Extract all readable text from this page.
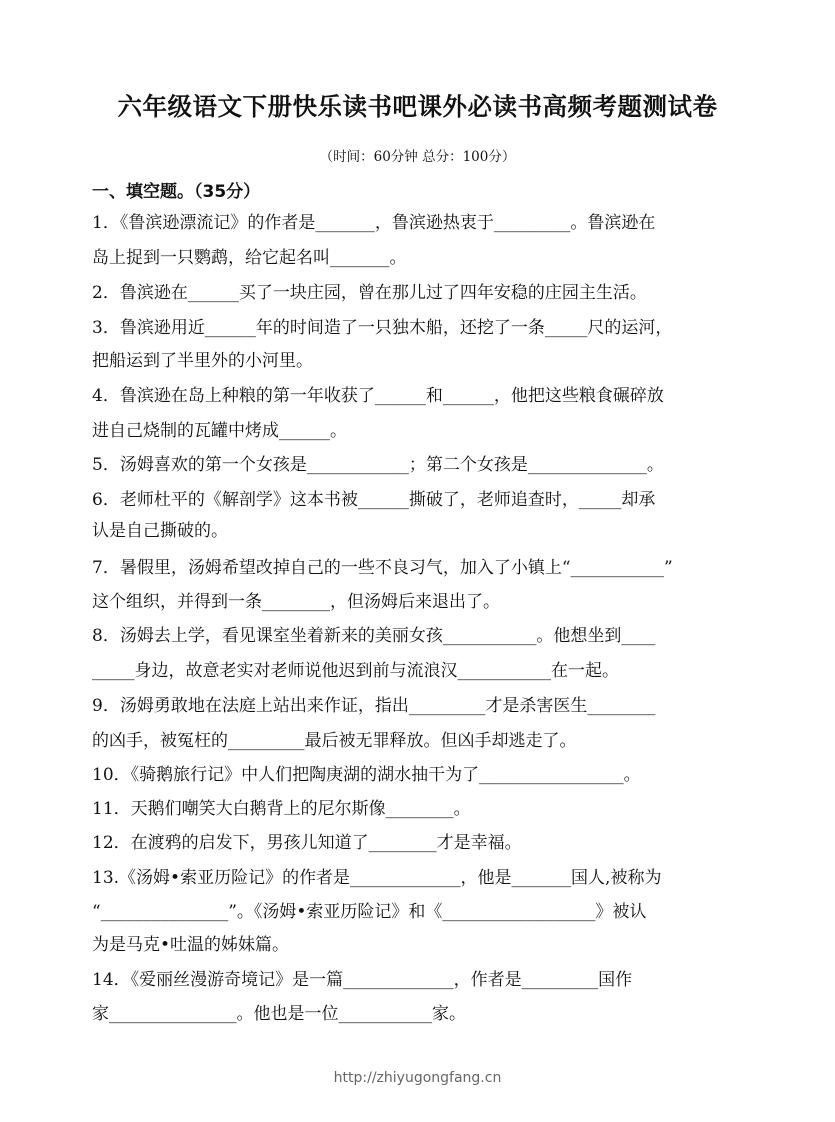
六年级语文下册快乐读书吧课外必读书高频考题测试卷
（时间：60分钟 总分：100分）
一、填空题。（35分）
1．《鲁滨逊漂流记》的作者是_______，鲁滨逊热衷于_________。鲁滨逊在
岛上捉到一只鹦鹉，给它起名叫_______。
2．鲁滨逊在______买了一块庄园，曾在那儿过了四年安稳的庄园主生活。
3．鲁滨逊用近______年的时间造了一只独木船，还挖了一条_____尺的运河，
把船运到了半里外的小河里。
4．鲁滨逊在岛上种粮的第一年收获了______和______，他把这些粮食碾碎放
进自己烧制的瓦罐中烤成______。
5．汤姆喜欢的第一个女孩是____________；第二个女孩是______________。
6．老师杜平的《解剖学》这本书被______撕破了，老师追查时，_____却承
认是自己撕破的。
7．暑假里，汤姆希望改掉自己的一些不良习气，加入了小镇上“___________”
这个组织，并得到一条________，但汤姆后来退出了。
8．汤姆去上学，看见课室坐着新来的美丽女孩___________。他想坐到____
_____身边，故意老实对老师说他迟到前与流浪汉___________在一起。
9．汤姆勇敢地在法庭上站出来作证，指出_________才是杀害医生________
的凶手，被冤枉的_________最后被无罪释放。但凶手却逃走了。
10．《骑鹅旅行记》中人们把陶庚湖的湖水抽干为了_________________。
11．天鹅们嘲笑大白鹅背上的尼尔斯像________。
12．在渡鸦的启发下，男孩儿知道了________才是幸福。
13.《汤姆•索亚历险记》的作者是_____________，他是_______国人,被称为
“_______________”。《汤姆•索亚历险记》和《__________________》被认
为是马克•吐温的姊妹篇。
14．《爱丽丝漫游奇境记》是一篇_____________，作者是_________国作
家_______________。他也是一位___________家。
http://zhiyugongfang.cn
